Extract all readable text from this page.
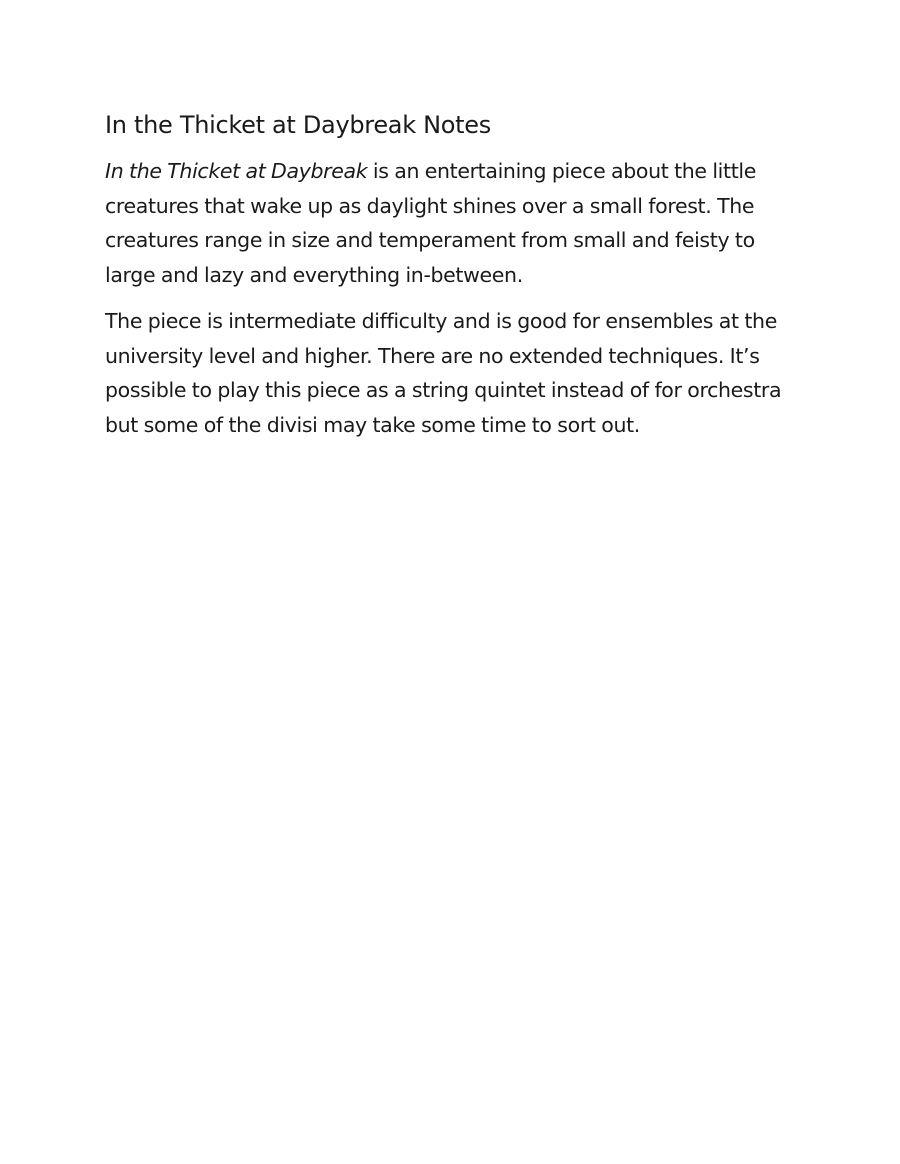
In the Thicket at Daybreak Notes

In the Thicket at Daybreak is an entertaining piece about the little creatures that wake up as daylight shines over a small forest. The creatures range in size and temperament from small and feisty to large and lazy and everything in-between.

The piece is intermediate difficulty and is good for ensembles at the university level and higher. There are no extended techniques. It’s possible to play this piece as a string quintet instead of for orchestra but some of the divisi may take some time to sort out.
